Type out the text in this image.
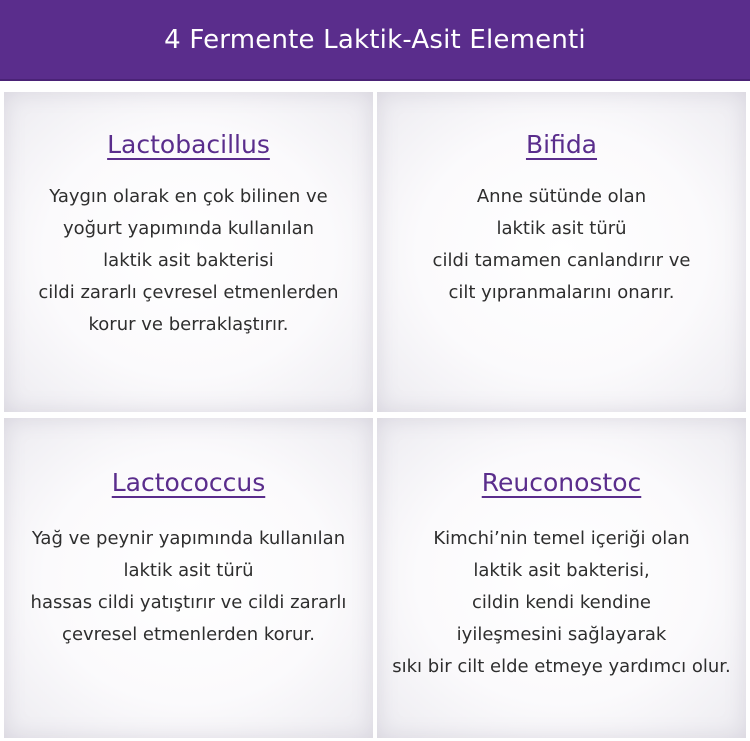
4 Fermente Laktik-Asit Elementi
Lactobacillus
Yaygın olarak en çok bilinen ve
yoğurt yapımında kullanılan
laktik asit bakterisi
cildi zararlı çevresel etmenlerden
korur ve berraklaştırır.
Bifida
Anne sütünde olan
laktik asit türü
cildi tamamen canlandırır ve
cilt yıpranmalarını onarır.
Lactococcus
Yağ ve peynir yapımında kullanılan
laktik asit türü
hassas cildi yatıştırır ve cildi zararlı
çevresel etmenlerden korur.
Reuconostoc
Kimchi’nin temel içeriği olan
laktik asit bakterisi,
cildin kendi kendine
iyileşmesini sağlayarak
sıkı bir cilt elde etmeye yardımcı olur.
